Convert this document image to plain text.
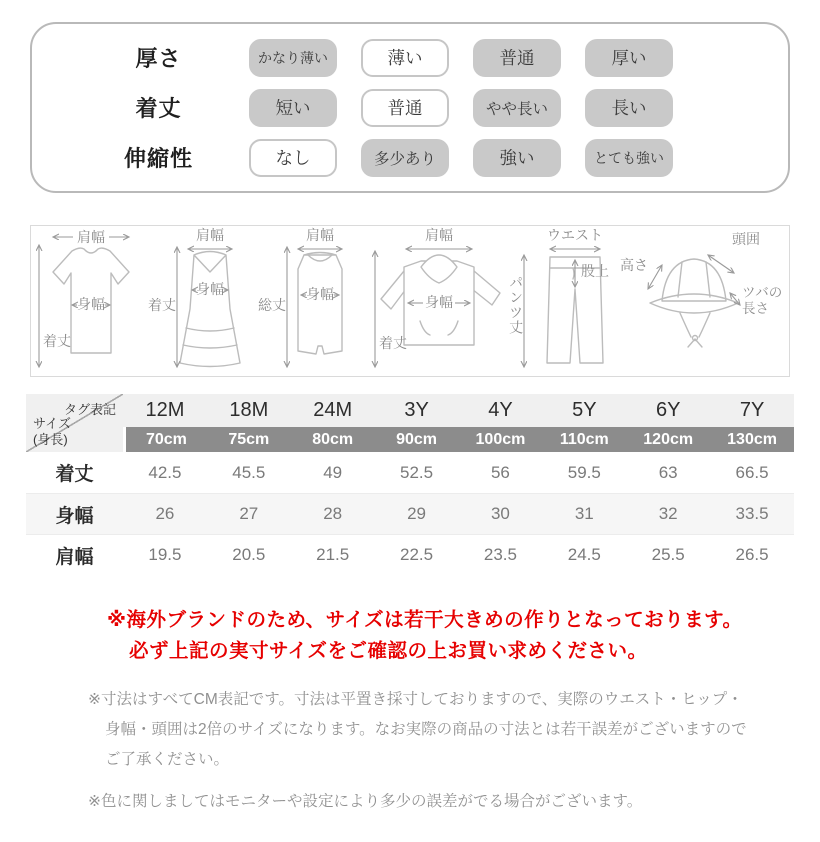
厚さ	かなり薄い	薄い	普通	厚い
着丈	短い	普通	やや長い	長い
伸縮性	なし	多少あり	強い	とても強い
肩幅
身幅
着丈
肩幅
身幅
着丈
肩幅
身幅
総丈
肩幅
身幅
着丈
ウエスト
パンツ丈
股上 高さ
頭囲
ツバの長さ
タグ表記
サイズ
(身長)
12M	18M	24M	3Y	4Y	5Y	6Y	7Y
70cm	75cm	80cm	90cm	100cm	110cm	120cm	130cm
着丈	42.5	45.5	49	52.5	56	59.5	63	66.5
身幅	26	27	28	29	30	31	32	33.5
肩幅	19.5	20.5	21.5	22.5	23.5	24.5	25.5	26.5
※海外ブランドのため、サイズは若干大きめの作りとなっております。
必ず上記の実寸サイズをご確認の上お買い求めください。
※寸法はすべてCM表記です。寸法は平置き採寸しておりますので、実際のウエスト・ヒップ・
身幅・頭囲は2倍のサイズになります。なお実際の商品の寸法とは若干誤差がございますので
ご了承ください。
※色に関しましてはモニターや設定により多少の誤差がでる場合がございます。
